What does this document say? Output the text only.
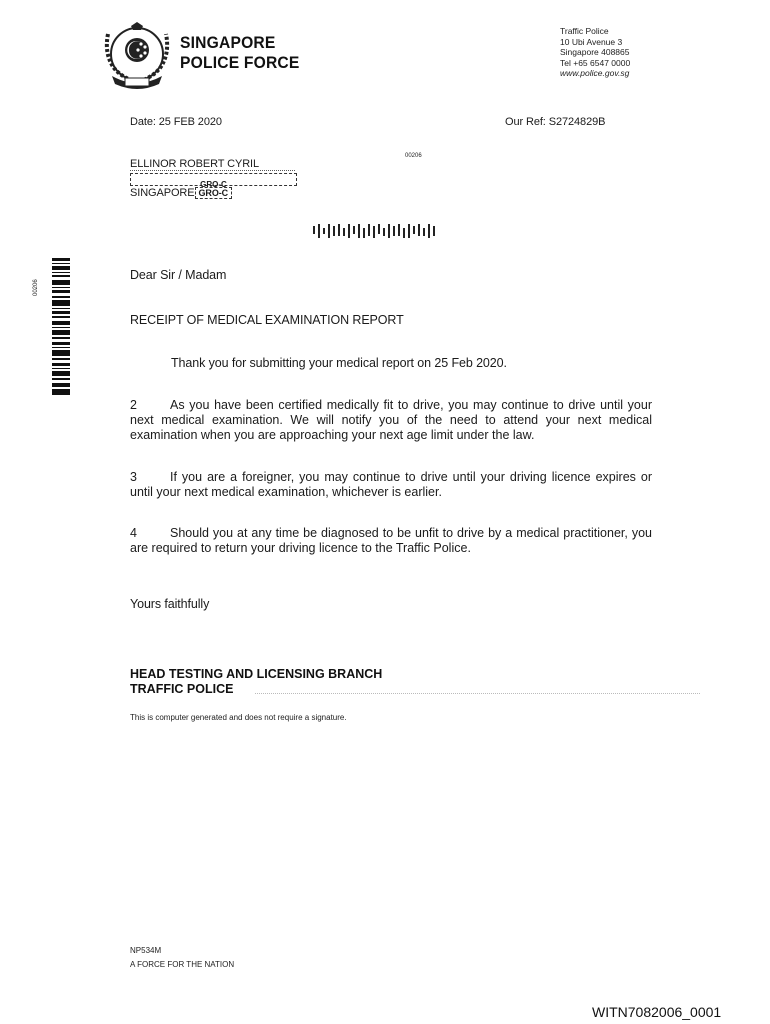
SINGAPORE
POLICE FORCE
Traffic Police
10 Ubi Avenue 3
Singapore 408865
Tel +65 6547 0000
www.police.gov.sg
Date: 25 FEB 2020	Our Ref: S2724829B
00206
ELLINOR ROBERT CYRIL
GRO-C
SINGAPORE GRO-C
00206
Dear Sir / Madam
RECEIPT OF MEDICAL EXAMINATION REPORT
Thank you for submitting your medical report on 25 Feb 2020.
2	As you have been certified medically fit to drive, you may continue to drive until your next medical examination. We will notify you of the need to attend your next medical examination when you are approaching your next age limit under the law.
3	If you are a foreigner, you may continue to drive until your driving licence expires or until your next medical examination, whichever is earlier.
4	Should you at any time be diagnosed to be unfit to drive by a medical practitioner, you are required to return your driving licence to the Traffic Police.
Yours faithfully
HEAD TESTING AND LICENSING BRANCH
TRAFFIC POLICE
This is computer generated and does not require a signature.
NP534M
A FORCE FOR THE NATION
WITN7082006_0001
